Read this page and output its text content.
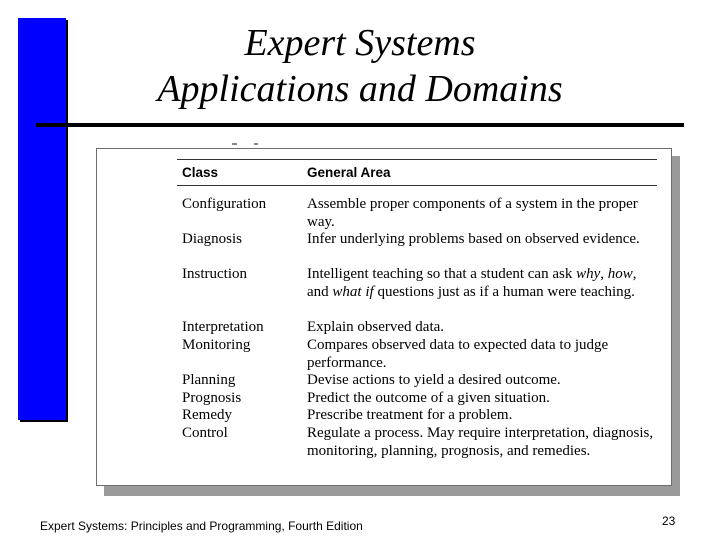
Expert Systems
Applications and Domains
Class	General Area
Configuration	Assemble proper components of a system in the proper way.
Diagnosis	Infer underlying problems based on observed evidence.
Instruction	Intelligent teaching so that a student can ask why, how, and what if questions just as if a human were teaching.
Interpretation	Explain observed data.
Monitoring	Compares observed data to expected data to judge performance.
Planning	Devise actions to yield a desired outcome.
Prognosis	Predict the outcome of a given situation.
Remedy	Prescribe treatment for a problem.
Control	Regulate a process. May require interpretation, diagnosis, monitoring, planning, prognosis, and remedies.
Expert Systems: Principles and Programming, Fourth Edition	23
